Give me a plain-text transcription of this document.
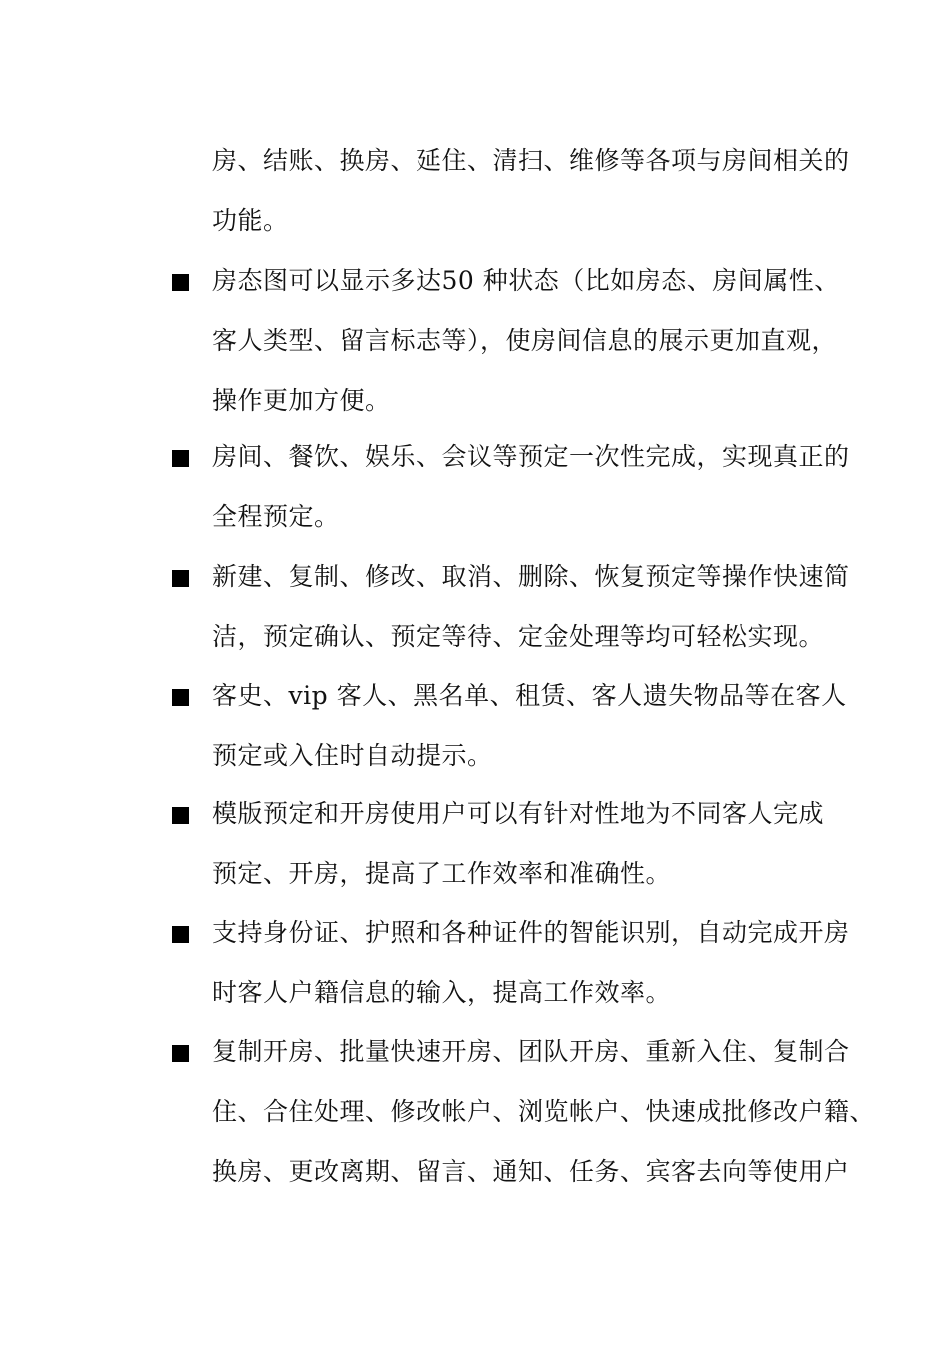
房、结账、换房、延住、清扫、维修等各项与房间相关的
功能。
房态图可以显示多达50 种状态（比如房态、房间属性、
客人类型、留言标志等），使房间信息的展示更加直观，
操作更加方便。
房间、餐饮、娱乐、会议等预定一次性完成，实现真正的
全程预定。
新建、复制、修改、取消、删除、恢复预定等操作快速简
洁，预定确认、预定等待、定金处理等均可轻松实现。
客史、vip 客人、黑名单、租赁、客人遗失物品等在客人
预定或入住时自动提示。
模版预定和开房使用户可以有针对性地为不同客人完成
预定、开房，提高了工作效率和准确性。
支持身份证、护照和各种证件的智能识别，自动完成开房
时客人户籍信息的输入，提高工作效率。
复制开房、批量快速开房、团队开房、重新入住、复制合
住、合住处理、修改帐户、浏览帐户、快速成批修改户籍、
换房、更改离期、留言、通知、任务、宾客去向等使用户
